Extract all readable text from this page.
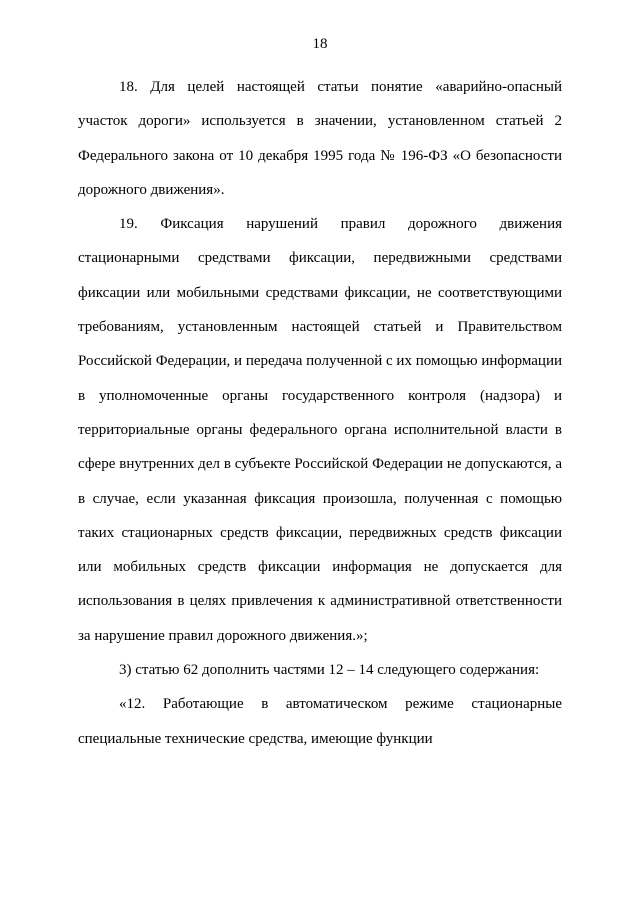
18

18. Для целей настоящей статьи понятие «аварийно-опасный участок дороги» используется в значении, установленном статьей 2 Федерального закона от 10 декабря 1995 года № 196-ФЗ «О безопасности дорожного движения».

19. Фиксация нарушений правил дорожного движения стационарными средствами фиксации, передвижными средствами фиксации или мобильными средствами фиксации, не соответствующими требованиям, установленным настоящей статьей и Правительством Российской Федерации, и передача полученной с их помощью информации в уполномоченные органы государственного контроля (надзора) и территориальные органы федерального органа исполнительной власти в сфере внутренних дел в субъекте Российской Федерации не допускаются, а в случае, если указанная фиксация произошла, полученная с помощью таких стационарных средств фиксации, передвижных средств фиксации или мобильных средств фиксации информация не допускается для использования в целях привлечения к административной ответственности за нарушение правил дорожного движения.»;

3) статью 62 дополнить частями 12 – 14 следующего содержания:

«12. Работающие в автоматическом режиме стационарные специальные технические средства, имеющие функции
